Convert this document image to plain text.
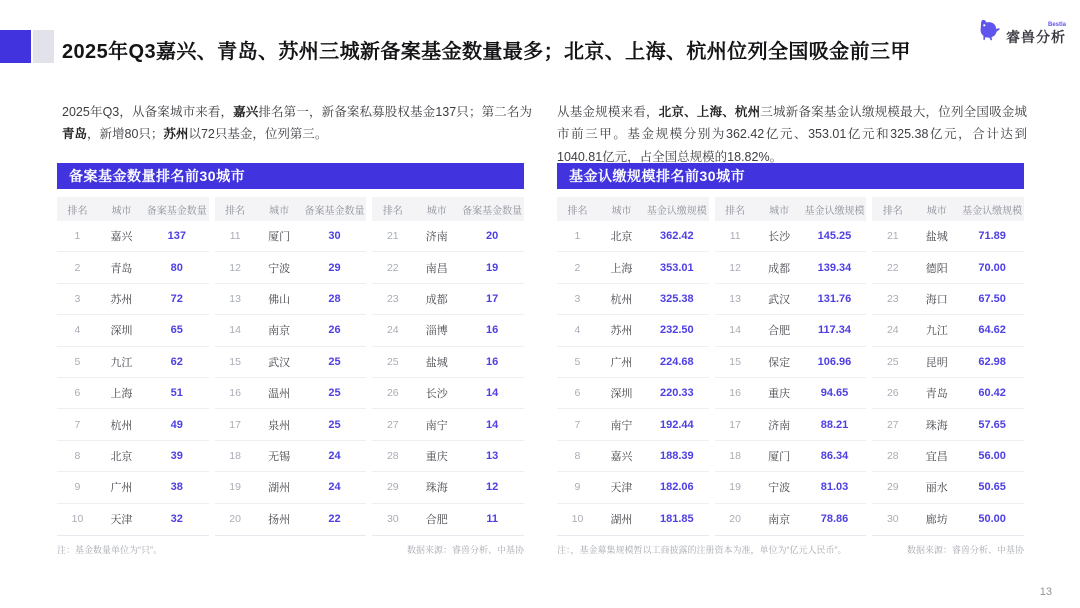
2025年Q3嘉兴、青岛、苏州三城新备案基金数量最多；北京、上海、杭州位列全国吸金前三甲
Bestla
睿兽分析

2025年Q3，从备案城市来看，嘉兴排名第一，新备案私募股权基金137只；第二名为青岛，新增80只；苏州以72只基金，位列第三。

从基金规模来看，北京、上海、杭州三城新备案基金认缴规模最大，位列全国吸金城市前三甲。基金规模分别为362.42亿元、353.01亿元和325.38亿元，合计达到1040.81亿元，占全国总规模的18.82%。

备案基金数量排名前30城市
排名	城市	备案基金数量
1	嘉兴	137
2	青岛	80
3	苏州	72
4	深圳	65
5	九江	62
6	上海	51
7	杭州	49
8	北京	39
9	广州	38
10	天津	32
排名	城市	备案基金数量
11	厦门	30
12	宁波	29
13	佛山	28
14	南京	26
15	武汉	25
16	温州	25
17	泉州	25
18	无锡	24
19	湖州	24
20	扬州	22
排名	城市	备案基金数量
21	济南	20
22	南昌	19
23	成都	17
24	淄博	16
25	盐城	16
26	长沙	14
27	南宁	14
28	重庆	13
29	珠海	12
30	合肥	11
注：基金数量单位为“只”。	数据来源：睿兽分析、中基协
基金认缴规模排名前30城市
排名	城市	基金认缴规模
1	北京	362.42
2	上海	353.01
3	杭州	325.38
4	苏州	232.50
5	广州	224.68
6	深圳	220.33
7	南宁	192.44
8	嘉兴	188.39
9	天津	182.06
10	湖州	181.85
排名	城市	基金认缴规模
11	长沙	145.25
12	成都	139.34
13	武汉	131.76
14	合肥	117.34
15	保定	106.96
16	重庆	94.65
17	济南	88.21
18	厦门	86.34
19	宁波	81.03
20	南京	78.86
排名	城市	基金认缴规模
21	盐城	71.89
22	德阳	70.00
23	海口	67.50
24	九江	64.62
25	昆明	62.98
26	青岛	60.42
27	珠海	57.65
28	宜昌	56.00
29	丽水	50.65
30	廊坊	50.00
注：，基金募集规模暂以工商披露的注册资本为准，单位为“亿元人民币”。	数据来源：睿兽分析、中基协
13
